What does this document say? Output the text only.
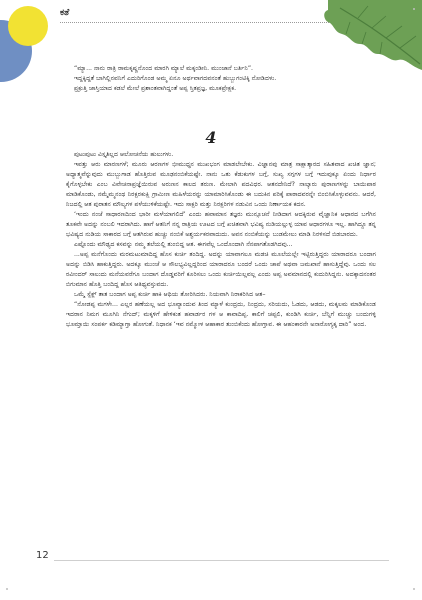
ಕತೆ

“ಮ್ಯಾ... ನಾನು ರಾತ್ರಿ ರಾಮಕೃಷ್ಣನೊಂದ ಮಾರಗಿ ಮ್ಯಾಲೆ ಮಕ್ಕಂಡೀನಿ. ಮುಂಜಾನೆ ಬರ್ತಿನಿ”.

ಇದ್ದಕ್ಕಿದ್ದತೆ ಬಾಗಿಲ್ಲಿನವನಿಗೆ ಎದುರಿಗೊಂಡ ಅಮ್ಮ ಏನೂ ಅರ್ಥವಾಗದವನಂತೆ ಹುಬ್ಬುಗಂಟಿಕ್ಕಿ ನೋಡಿದಳು.

ಪ್ರಕ್ರುತ್ತಿ ಜಾಸ್ತಿಯಾದ ಕಡಲೆ ಮೇಲೆ ಪ್ರಶಾಂತವಾಗಿದ್ದಂತೆ ಅಪ್ಪ ಸ್ತಿತಪ್ರಜ್ಞ, ಮೂಕಪ್ರೇಕ್ಷಕ.

4

ಪುಟುಪುಟು ವಿಸ್ತೃತಿಲ್ಲದ ಆಲೋಚನೆಯ ಹುಲುಗಳು.

ಇವತ್ತು ಆರು ಮಾರಣಗಳೆ; ಮೂರು ಆರಣಗಳ ಭೀಮುಧ್ಧನ ಮುಖಭಂಗ ಮಾಡಲೇಬೇಕು. ವಿಜ್ಞಾನವು ಮಾತ್ರ ಸಾಕ್ಷಾತ್ಕಾರದ ಸಹಿತವಾದ ಖಚಿತ ಜ್ಞಾನ; ಅಧ್ಯಾತ್ಮವೆನ್ನುವುದು ಮುಬ್ಬುಗಾಡ ಹೊತ್ತಿರುವ ಮೂಢನಂಬಿಕೆಯಷ್ಟೇ. ನಾನು ಒತು ಕೆಡುಕುಗಳ ಬಗ್ಗೆ, ಸುಖ್ಯ ಸಗ್ಗಗಳ ಬಗ್ಗೆ ಇದುವುಕ್ಕೂ ಏಂದು ನಿರ್ಧಾರ ಕೈಗೊಳ್ಳಬೇಕು ಎಂಬ ವಿವೇಚನಾಪ್ರಜ್ಞೆಯಿರುವ ಅರುಣನ ಕಾಲದ ತರುಣ. ಮೇಲಾಗಿ ಪದವಿಧರ. ಆತನದೇನಿದೆ? ನಾಲ್ಕಾರು ಪುರಾಣಗಳನ್ನು ಬಾಯಿಪಾಠ ಮಾಡಿಕೊಂಡು, ನಮ್ಮೆಮ್ಮನಂಥ ನಿರಕ್ಷರಕುಕ್ಷಿ ಗ್ರಾಮೀಣ ಮಹಿಳೆಯರನ್ನು ಯಾಮಾರಿಸಿಕೊಂಡು ಈ ಬದುಕಿನ ಪರಿಕ್ಕೆ ಪಾಠಾದವರನ್ನೇ ಬಿಂಬಿಸಿಕೊಳ್ಳುವವನು. ಆದರೆ, ನಿಜದಲ್ಲಿ ಆತ ಪುರಾತನ ಮೌಲ್ಯಗಳ ಪಳೆಯುಳಿಕೆಯಷ್ಟೇ. ಇದು ಸಾಕ್ಷರಿ ಮತ್ತು ನಿರಕ್ಷರಿಗಳ ನಡುವಿನ ಒಂದು ನಿರ್ಣಾಯಕ ಕದನ.

‘ಇಂದು ನಂಜೆ ಸಾಧಾರಣದಿಂದ ಭಾರೀ ಮಳೆಯಾಗಲಿದೆ’ ಎಂದು ಹವಾಮಾನ ತಜ್ಞರು ಮುನ್ಸೂಚನೆ ನೀಡಿದಾಗ ಆದಕ್ಕಿರುವ ವೈಜ್ಞಾನಿಕ ಆಧಾರದ ಬಗೆಗಿನ ತೂಕವೇ ಅದನ್ನು ನಂಬಲಿ ಇದರಾಗಿದು. ಹಾಗೆ ಆತನಿಗೆ ನನ್ನ ರಾತ್ರಿಯ ಊಟದ ಬಗ್ಗೆ ಖಚಿತವಾಗಿ ಭವಿಷ್ಯ ನುಡಿಯಲ್ಲುಳ್ಳ ಯಾವ ಆಧಾರಗಳೂ ಇಲ್ಲ. ಹಾಗಿದ್ದೂ ತನ್ನ ಭವಿಷ್ಯದ ನುಡಿಯ ಸಾಕಾರದ ಬಗ್ಗೆ ಆತಗಿರುವ ಹುಚ್ಚು ನಂಬಿಕೆ ಅಶ್ಚರ್ಯಕರವಾದುದು. ಅವನ ನಂಬಿಕೆಯನ್ನು ಬುಡಮೇಲು ಮಾಡಿ ನಿರಳಿಸದೆ ಬಿಡಬಾರದು.

ಎಷ್ಟೊಂದು ಮೌಢ್ಯದ ಕಸವನ್ನು ನಮ್ಮ ತಲೆಯಲ್ಲಿ ತುಂಬಿದ್ದ ಆತ. ಈಗವೆಲ್ಲ ಒಂದೊಂದಾಗಿ ನೆನಪಾಗತೊಡಗಿದವು...

...ಅಪ್ಪ ಮನೆಗೊಂದು ಮರಮಟುಮಾದಿದ್ದ ಹೊಸ ಕುರ್ಚಿ ತಂದಿದ್ದ. ಅದನ್ನು ಯಾವಾಗಲೂ ಮಡಚಿ ಮೂಲೆಯಲ್ಲೇ ಇಟ್ಟಿರುತ್ತಿದ್ದರು ಯಾರಾದರೂ ಬಂದಾಗ ಅದನ್ನು ಬಿಡಿಸಿ ಹಾಕುತ್ತಿದ್ದರು. ಅದಕ್ಕೂ ಮುಂಚೆ ಆ ಸೌಲಭ್ಯವಿಲ್ಲದ್ದರಿಂದ ಯಾರಾದರೂ ಬಂದರೆ ಒಂದು ಚಾಪೆ ಅಥವಾ ಜಮಖಾನೆ ಹಾಸುತ್ತಿದ್ದೆವು. ಒಂದು ಸಲ ರವೀಂದರ್ ಸಾಲುದು ಮನೆಯವರೆಗೂ ಬಂದಾಗ ದೊಡ್ಡವರಿಗೆ ಕೂರಿಸಲು ಒಂದು ಕುರ್ಚಿಯಿಲ್ಲವಲ್ಲ ಎಂದು ಅಪ್ಪ ಅವಮಾನದಲ್ಲಿ ಕುದುರಿಸಿದ್ದನು. ಅದಕ್ಕಾದನಂತರ ಬಿಗುಮಾನ ಹೊತ್ತಿ ಬಂದಿದ್ದ ಹೊಸ ಆತಿಥ್ಯವಸ್ತುವದು.

ಒಮ್ಮೆ ಸ್ಪೆಕ್ಲ್ ತಾತ ಬಂದಾಗ ಅಪ್ಪ ಕುರ್ಚಿ ಹಾಕಿ ಆಥಿಯ ತೋರಿಸಿದರು. ನಿಯವಾಗಿ ನಿರಾಕರಿಸಿದ ಆತ–

“ನೋಡಪ್ಪ ಮಗಳೇ... ಎಲ್ಲರ ಹಣೆಯಲ್ಲ ಅದ ಭೂವ್ಯಾಂದುವ ತಿಂದ ಮ್ಯಾಳೆ ಕುಂದ್ರದು, ನಿಂದ್ರದು, ಸರಿಯದು, ಓಡದು, ಆಡದು, ಮಕ್ಕಲಮ ಮಾಡಿಕೊಂಡ ಇದರಾನ ನಿಮಗ ಮೂಗಿನಿ ನೆಗುದ್; ಮಕ್ಕಳಿಗೆ ಹೇಳಿಕುತ ಹವಾರ್ಡರ ಗಳ ಆ ಕಾವಾದಿಪ್ಪ. ಕಾಲಿಗೆ ಚಪ್ಪಲಿ, ಕುಂಡಿಗಿ ಕುರ್ಚಿ, ಬೆನ್ನಿಗೆ ಮುಚ್ಚು ಬಂದುಗಳ್ಳಿ ಭೂಮ್ತಾಯಿ ಸಂಪರ್ಕ ಕಡಿಮ್ಯಾಗ್ತಾ ಹೋಗುತೆ. ನಿಧಾನಕ ‘ಇವ ನಮ್ಮೋಳ ಆಹಾಕಾರ ತುಂಬಿಕೆಂದು ಹೋಗ್ತಾವ. ಈ ಆಹಂಕಾರನೇ ಅನಾರೋಗ್ಯಕ್ಕ ದಾರಿ” ಅಂದ.

12
